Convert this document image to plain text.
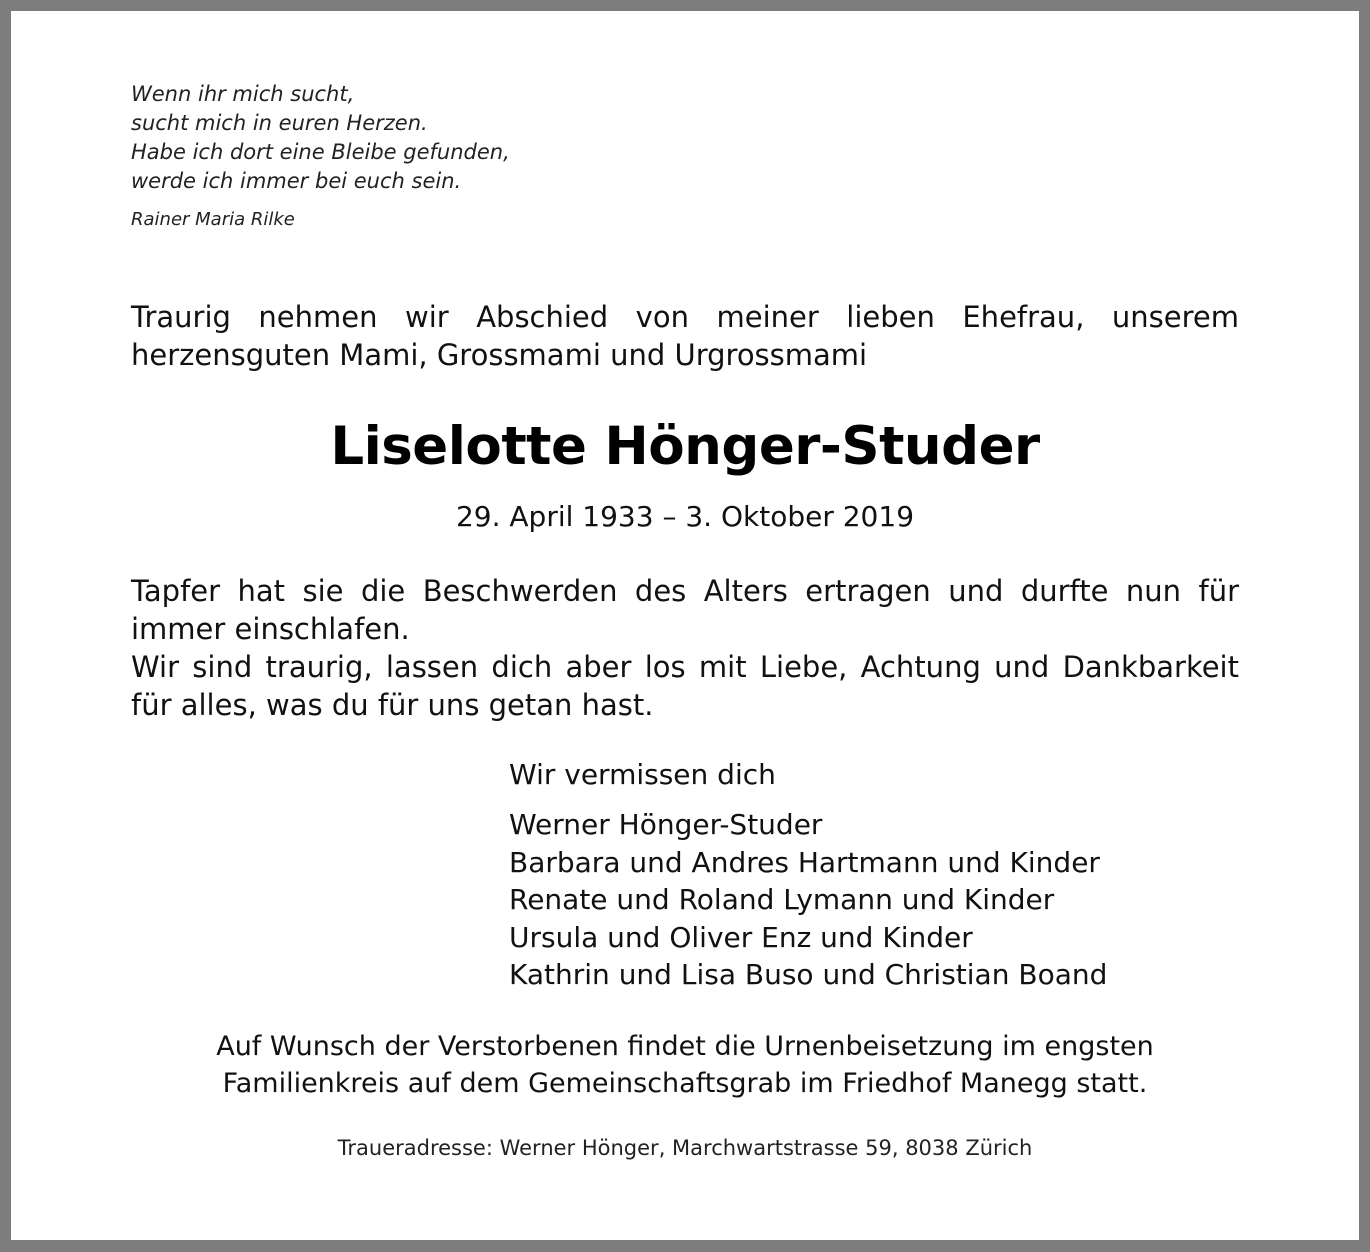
Wenn ihr mich sucht,
sucht mich in euren Herzen.
Habe ich dort eine Bleibe gefunden,
werde ich immer bei euch sein.
Rainer Maria Rilke
Traurig nehmen wir Abschied von meiner lieben Ehefrau, unserem
herzensguten Mami, Grossmami und Urgrossmami
Liselotte Hönger-Studer
29. April 1933 – 3. Oktober 2019
Tapfer hat sie die Beschwerden des Alters ertragen und durfte nun für
immer einschlafen.
Wir sind traurig, lassen dich aber los mit Liebe, Achtung und Dankbarkeit
für alles, was du für uns getan hast.
Wir vermissen dich
Werner Hönger-Studer
Barbara und Andres Hartmann und Kinder
Renate und Roland Lymann und Kinder
Ursula und Oliver Enz und Kinder
Kathrin und Lisa Buso und Christian Boand
Auf Wunsch der Verstorbenen findet die Urnenbeisetzung im engsten
Familienkreis auf dem Gemeinschaftsgrab im Friedhof Manegg statt.
Traueradresse: Werner Hönger, Marchwartstrasse 59, 8038 Zürich
